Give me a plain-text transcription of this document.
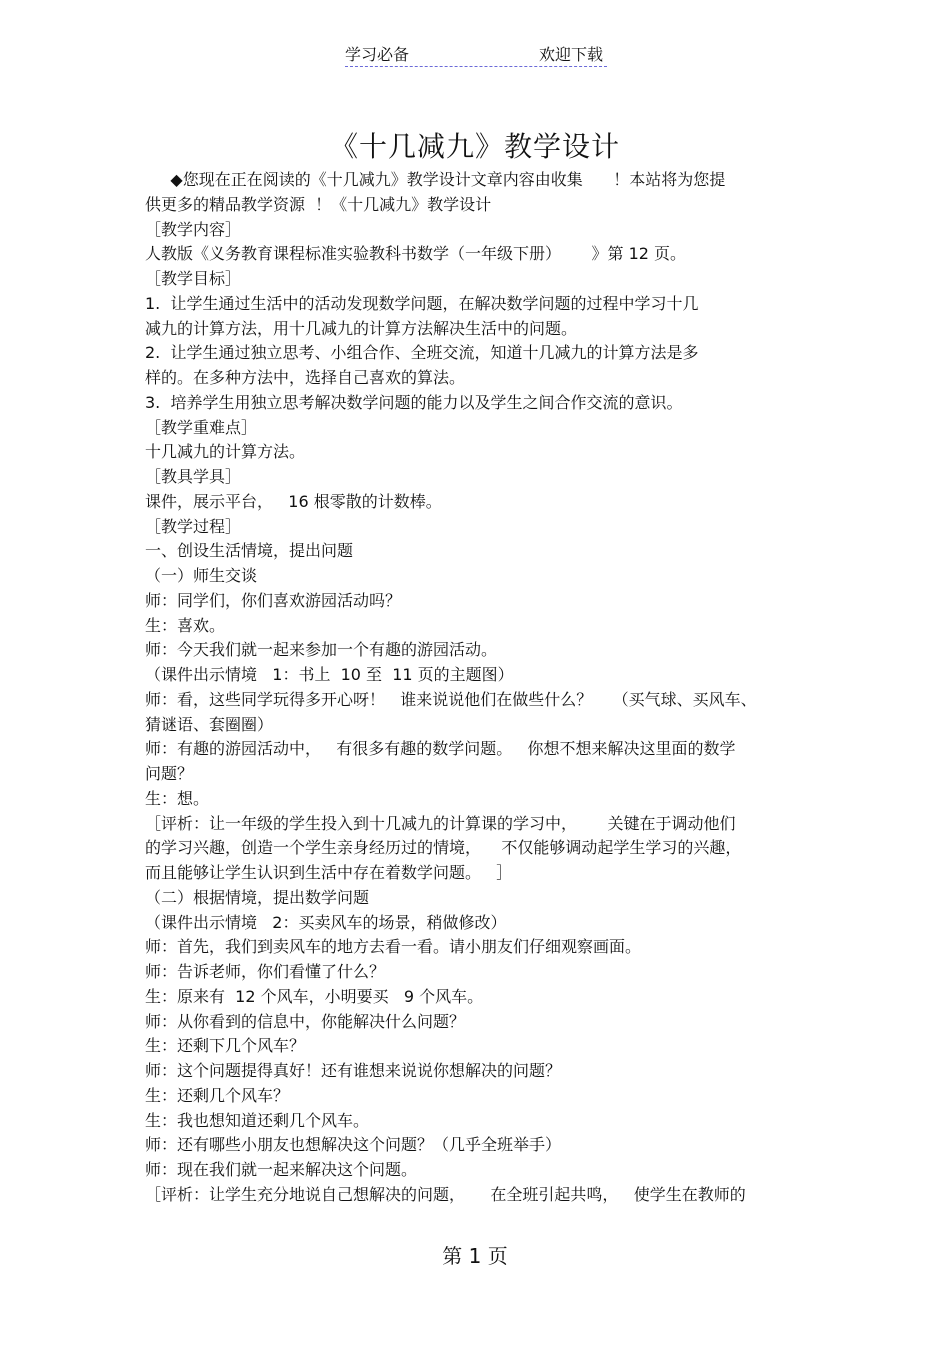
学习必备	欢迎下载
《十几减九》教学设计
◆您现在正在阅读的《十几减九》教学设计文章内容由收集      ！本站将为您提
供更多的精品教学资源  ！《十几减九》教学设计
［教学内容］
人教版《义务教育课程标准实验教科书数学（一年级下册）      》第 12 页。
［教学目标］
1.  让学生通过生活中的活动发现数学问题，在解决数学问题的过程中学习十几
减九的计算方法，用十几减九的计算方法解决生活中的问题。
2.  让学生通过独立思考、小组合作、全班交流，知道十几减九的计算方法是多
样的。在多种方法中，选择自己喜欢的算法。
3.  培养学生用独立思考解决数学问题的能力以及学生之间合作交流的意识。
［教学重难点］
十几减九的计算方法。
［教具学具］
课件，展示平台，   16 根零散的计数棒。
［教学过程］
一、创设生活情境，提出问题
（一）师生交谈
师：同学们，你们喜欢游园活动吗？
生：喜欢。
师：今天我们就一起来参加一个有趣的游园活动。
（课件出示情境   1：书上  10 至  11 页的主题图）
师：看，这些同学玩得多开心呀！   谁来说说他们在做些什么？    （买气球、买风车、
猜谜语、套圈圈）
师：有趣的游园活动中，   有很多有趣的数学问题。   你想不想来解决这里面的数学
问题？
生：想。
［评析：让一年级的学生投入到十几减九的计算课的学习中，      关键在于调动他们
的学习兴趣，创造一个学生亲身经历过的情境，    不仅能够调动起学生学习的兴趣，
而且能够让学生认识到生活中存在着数学问题。   ］
（二）根据情境，提出数学问题
（课件出示情境   2：买卖风车的场景，稍做修改）
师：首先，我们到卖风车的地方去看一看。请小朋友们仔细观察画面。
师：告诉老师，你们看懂了什么？
生：原来有  12 个风车，小明要买   9 个风车。
师：从你看到的信息中，你能解决什么问题？
生：还剩下几个风车？
师：这个问题提得真好！还有谁想来说说你想解决的问题？
生：还剩几个风车？
生：我也想知道还剩几个风车。
师：还有哪些小朋友也想解决这个问题？（几乎全班举手）
师：现在我们就一起来解决这个问题。
［评析：让学生充分地说自己想解决的问题，     在全班引起共鸣，   使学生在教师的
第 1 页
